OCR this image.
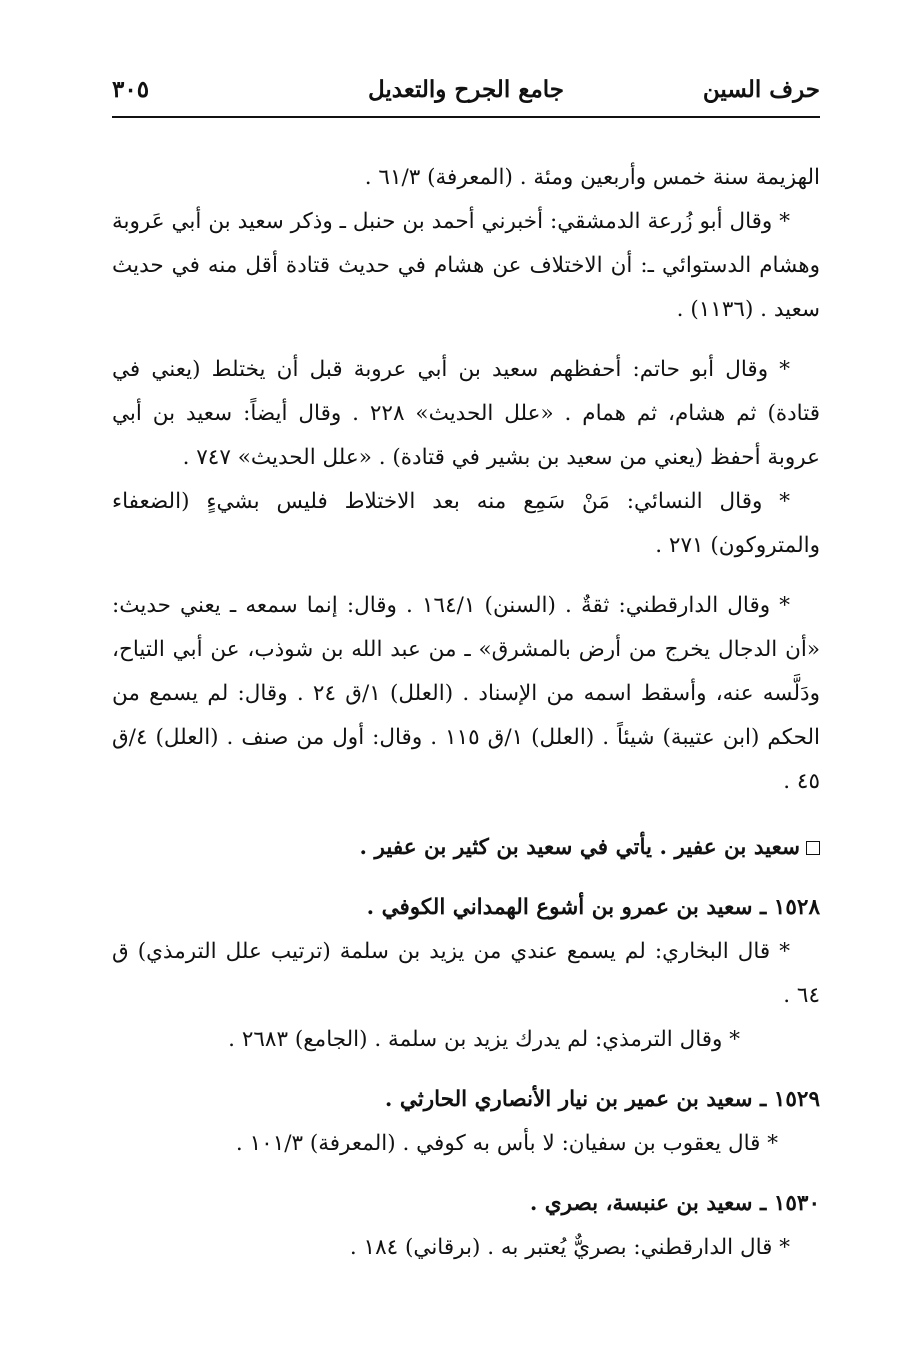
حرف السين
جامع الجرح والتعديل
٣٠٥

الهزيمة سنة خمس وأربعين ومئة . (المعرفة) ٦١/٣ .

* وقال أبو زُرعة الدمشقي: أخبرني أحمد بن حنبل ـ وذكر سعيد بن أبي عَروبة وهشام الدستوائي ـ: أن الاختلاف عن هشام في حديث قتادة أقل منه في حديث سعيد . (١١٣٦) .

* وقال أبو حاتم: أحفظهم سعيد بن أبي عروبة قبل أن يختلط (يعني في قتادة) ثم هشام، ثم همام . «علل الحديث» ٢٢٨ . وقال أيضاً: سعيد بن أبي عروبة أحفظ (يعني من سعيد بن بشير في قتادة) . «علل الحديث» ٧٤٧ .

* وقال النسائي: مَنْ سَمِع منه بعد الاختلاط فليس بشيءٍ (الضعفاء والمتروكون) ٢٧١ .

* وقال الدارقطني: ثقةٌ . (السنن) ١٦٤/١ . وقال: إنما سمعه ـ يعني حديث: «أن الدجال يخرج من أرض بالمشرق» ـ من عبد الله بن شوذب، عن أبي التياح، ودَلَّسه عنه، وأسقط اسمه من الإسناد . (العلل) ١/ق ٢٤ . وقال: لم يسمع من الحكم (ابن عتيبة) شيئاً . (العلل) ١/ق ١١٥ . وقال: أول من صنف . (العلل) ٤/ق ٤٥ .

سعيد بن عفير . يأتي في سعيد بن كثير بن عفير .

١٥٢٨ ـ سعيد بن عمرو بن أشوع الهمداني الكوفي .

* قال البخاري: لم يسمع عندي من يزيد بن سلمة (ترتيب علل الترمذي) ق ٦٤ .

* وقال الترمذي: لم يدرك يزيد بن سلمة . (الجامع) ٢٦٨٣ .

١٥٢٩ ـ سعيد بن عمير بن نيار الأنصاري الحارثي .

* قال يعقوب بن سفيان: لا بأس به كوفي . (المعرفة) ١٠١/٣ .

١٥٣٠ ـ سعيد بن عنبسة، بصري .

* قال الدارقطني: بصريٌّ يُعتبر به . (برقاني) ١٨٤ .
